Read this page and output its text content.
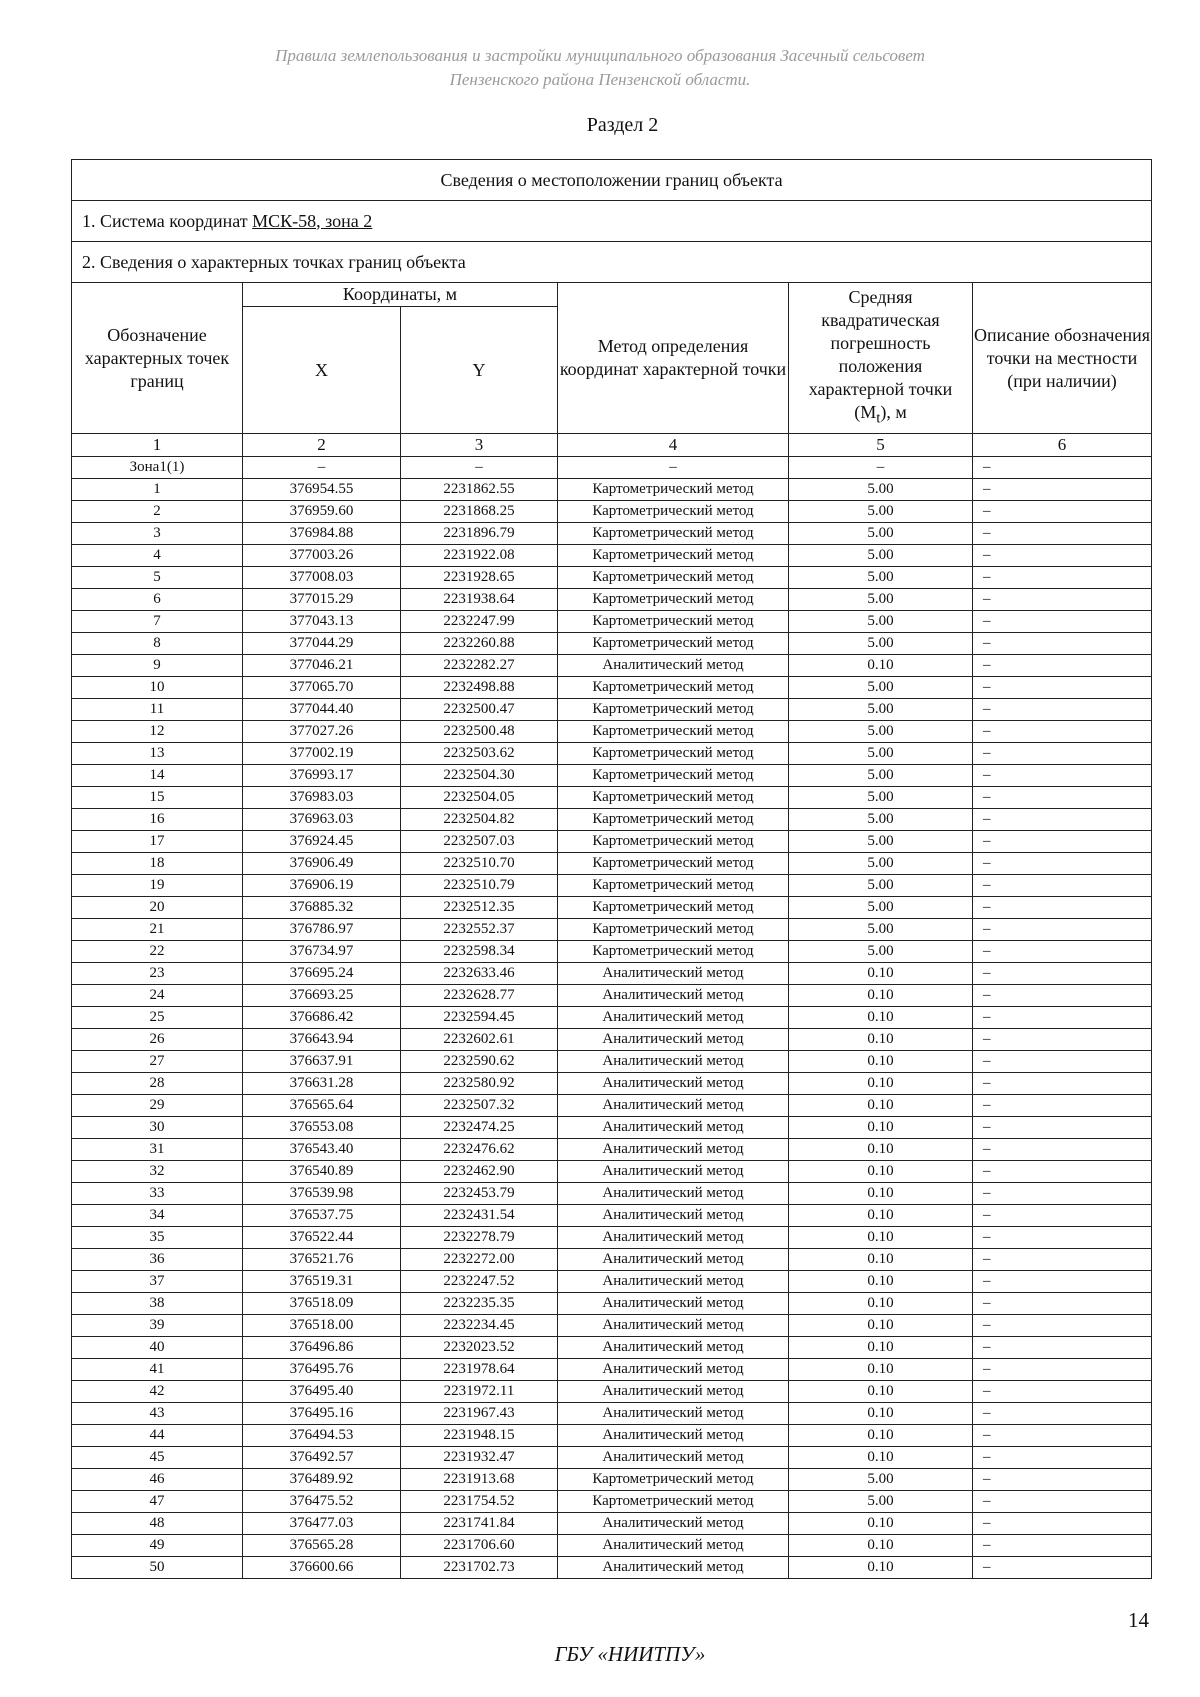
Правила землепользования и застройки муниципального образования Засечный сельсовет
Пензенского района Пензенской области.
Раздел 2
Сведения о местоположении границ объекта					
1. Система координат МСК-58, зона 2					
2. Сведения о характерных точках границ объекта					
Обозначение характерных точек границ	Координаты, м		Метод определения координат характерной точки	Средняя квадратическая погрешность положения характерной точки $(M_t)$, м	Описание обозначения точки на местности (при наличии)
	X	Y			
1	2	3	4	5	6
Зона1(1)	–	–	–	–	–
1	376954.55	2231862.55	Картометрический метод	5.00	–
2	376959.60	2231868.25	Картометрический метод	5.00	–
3	376984.88	2231896.79	Картометрический метод	5.00	–
4	377003.26	2231922.08	Картометрический метод	5.00	–
5	377008.03	2231928.65	Картометрический метод	5.00	–
6	377015.29	2231938.64	Картометрический метод	5.00	–
7	377043.13	2232247.99	Картометрический метод	5.00	–
8	377044.29	2232260.88	Картометрический метод	5.00	–
9	377046.21	2232282.27	Аналитический метод	0.10	–
10	377065.70	2232498.88	Картометрический метод	5.00	–
11	377044.40	2232500.47	Картометрический метод	5.00	–
12	377027.26	2232500.48	Картометрический метод	5.00	–
13	377002.19	2232503.62	Картометрический метод	5.00	–
14	376993.17	2232504.30	Картометрический метод	5.00	–
15	376983.03	2232504.05	Картометрический метод	5.00	–
16	376963.03	2232504.82	Картометрический метод	5.00	–
17	376924.45	2232507.03	Картометрический метод	5.00	–
18	376906.49	2232510.70	Картометрический метод	5.00	–
19	376906.19	2232510.79	Картометрический метод	5.00	–
20	376885.32	2232512.35	Картометрический метод	5.00	–
21	376786.97	2232552.37	Картометрический метод	5.00	–
22	376734.97	2232598.34	Картометрический метод	5.00	–
23	376695.24	2232633.46	Аналитический метод	0.10	–
24	376693.25	2232628.77	Аналитический метод	0.10	–
25	376686.42	2232594.45	Аналитический метод	0.10	–
26	376643.94	2232602.61	Аналитический метод	0.10	–
27	376637.91	2232590.62	Аналитический метод	0.10	–
28	376631.28	2232580.92	Аналитический метод	0.10	–
29	376565.64	2232507.32	Аналитический метод	0.10	–
30	376553.08	2232474.25	Аналитический метод	0.10	–
31	376543.40	2232476.62	Аналитический метод	0.10	–
32	376540.89	2232462.90	Аналитический метод	0.10	–
33	376539.98	2232453.79	Аналитический метод	0.10	–
34	376537.75	2232431.54	Аналитический метод	0.10	–
35	376522.44	2232278.79	Аналитический метод	0.10	–
36	376521.76	2232272.00	Аналитический метод	0.10	–
37	376519.31	2232247.52	Аналитический метод	0.10	–
38	376518.09	2232235.35	Аналитический метод	0.10	–
39	376518.00	2232234.45	Аналитический метод	0.10	–
40	376496.86	2232023.52	Аналитический метод	0.10	–
41	376495.76	2231978.64	Аналитический метод	0.10	–
42	376495.40	2231972.11	Аналитический метод	0.10	–
43	376495.16	2231967.43	Аналитический метод	0.10	–
44	376494.53	2231948.15	Аналитический метод	0.10	–
45	376492.57	2231932.47	Аналитический метод	0.10	–
46	376489.92	2231913.68	Картометрический метод	5.00	–
47	376475.52	2231754.52	Картометрический метод	5.00	–
48	376477.03	2231741.84	Аналитический метод	0.10	–
49	376565.28	2231706.60	Аналитический метод	0.10	–
50	376600.66	2231702.73	Аналитический метод	0.10	–
14
ГБУ «НИИТПУ»
